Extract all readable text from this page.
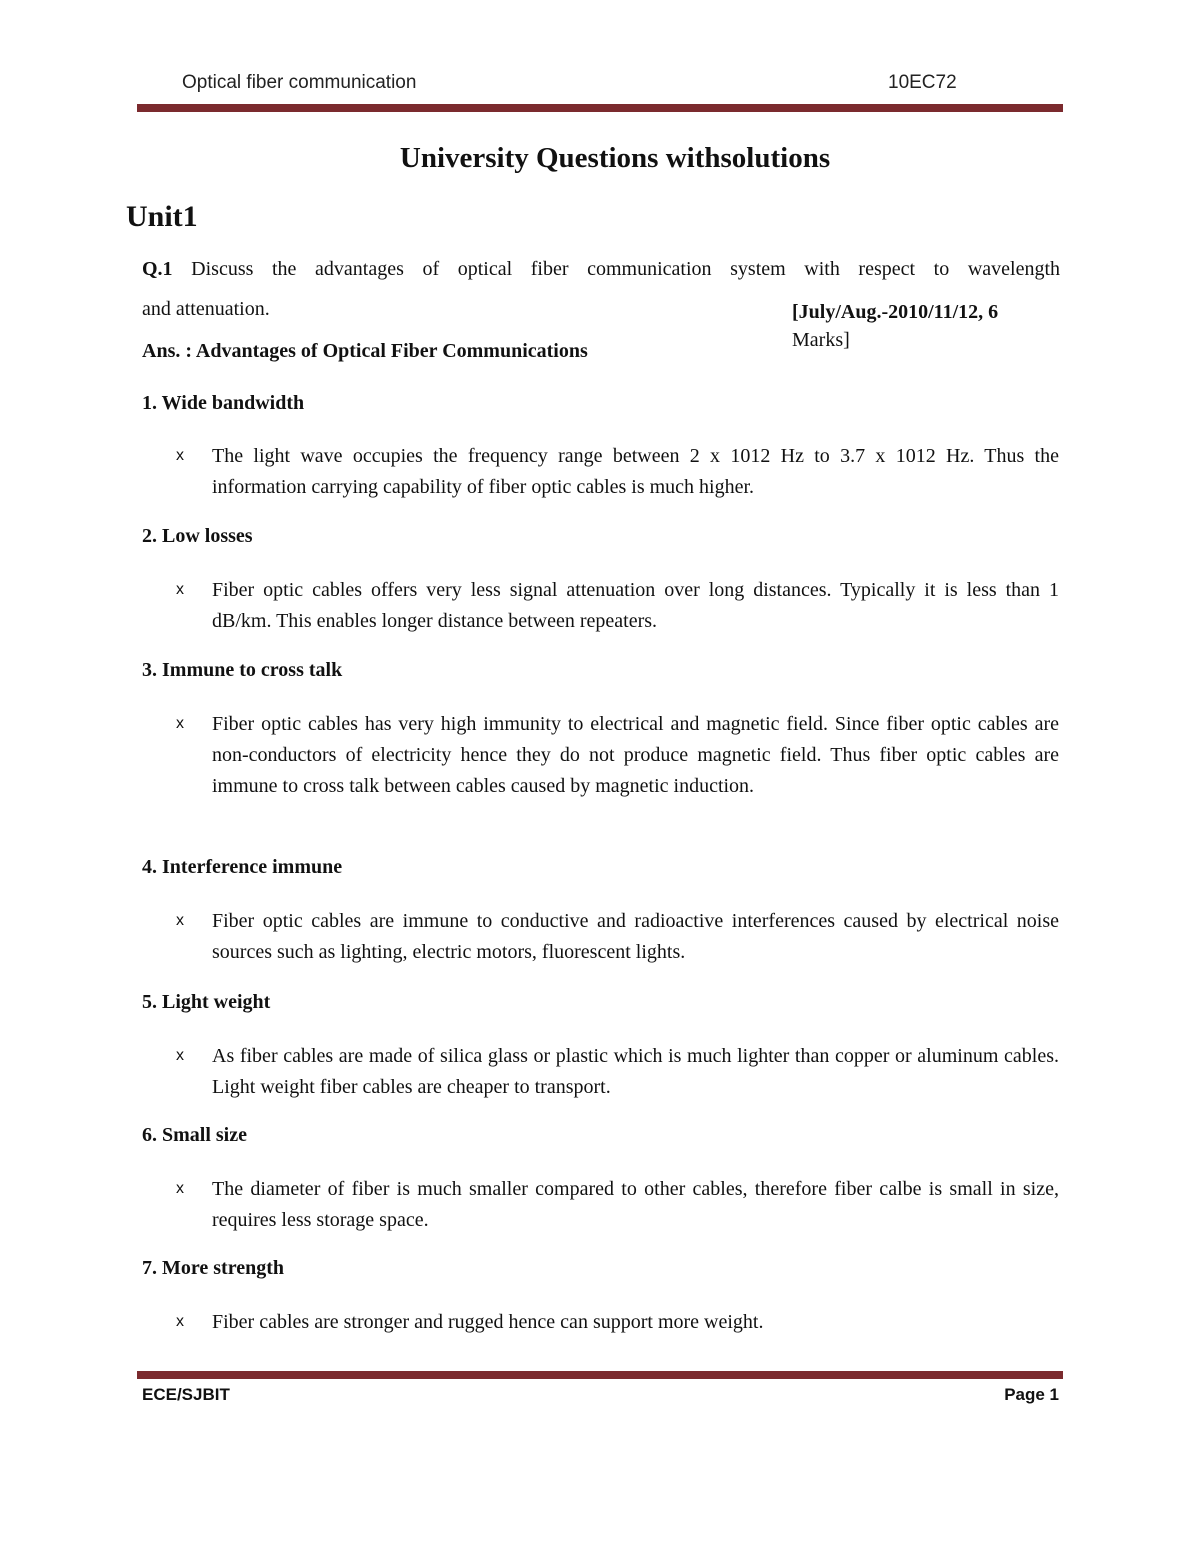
Optical fiber communication	10EC72
University Questions withsolutions
Unit1
Q.1 Discuss the advantages of optical fiber communication system with respect to wavelength
and attenuation.	[July/Aug.-2010/11/12, 6
Marks]
Ans. : Advantages of Optical Fiber Communications
1. Wide bandwidth
x The light wave occupies the frequency range between 2 x 1012 Hz to 3.7 x 1012 Hz. Thus the information carrying capability of fiber optic cables is much higher.
2. Low losses
x Fiber optic cables offers very less signal attenuation over long distances. Typically it is less than 1 dB/km. This enables longer distance between repeaters.
3. Immune to cross talk
x Fiber optic cables has very high immunity to electrical and magnetic field. Since fiber optic cables are non-conductors of electricity hence they do not produce magnetic field. Thus fiber optic cables are immune to cross talk between cables caused by magnetic induction.
4. Interference immune
x Fiber optic cables are immune to conductive and radioactive interferences caused by electrical noise sources such as lighting, electric motors, fluorescent lights.
5. Light weight
x As fiber cables are made of silica glass or plastic which is much lighter than copper or aluminum cables. Light weight fiber cables are cheaper to transport.
6. Small size
x The diameter of fiber is much smaller compared to other cables, therefore fiber calbe is small in size, requires less storage space.
7. More strength
x Fiber cables are stronger and rugged hence can support more weight.
ECE/SJBIT	Page 1
